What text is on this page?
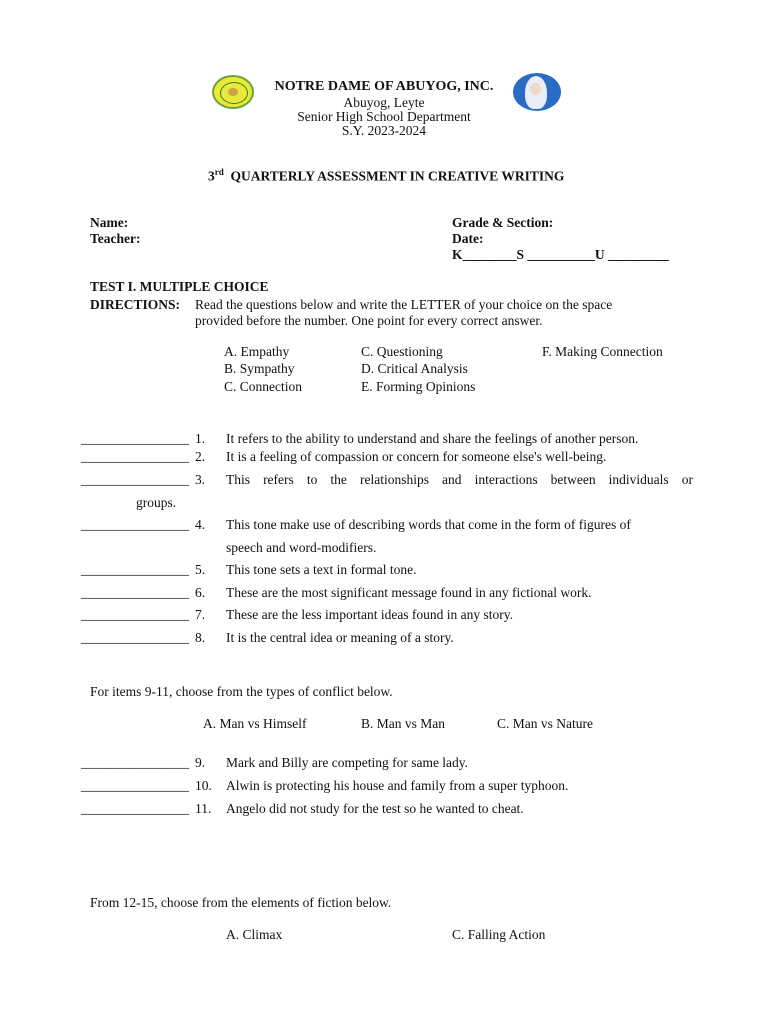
NOTRE DAME OF ABUYOG, INC.
Abuyog, Leyte
Senior High School Department
S.Y. 2023-2024
3rd QUARTERLY ASSESSMENT IN CREATIVE WRITING
Name:
Teacher:
Grade & Section:
Date:
K________S __________U _________
TEST I. MULTIPLE CHOICE
DIRECTIONS: Read the questions below and write the LETTER of your choice on the space
provided before the number. One point for every correct answer.
A. Empathy
B. Sympathy
C. Connection
C. Questioning
D. Critical Analysis
E. Forming Opinions
F. Making Connection
________________ 1. It refers to the ability to understand and share the feelings of another person.
________________ 2. It is a feeling of compassion or concern for someone else's well-being.
________________ 3. This refers to the relationships and interactions between individuals or
groups.
________________ 4. This tone make use of describing words that come in the form of figures of
speech and word-modifiers.
________________ 5. This tone sets a text in formal tone.
________________ 6. These are the most significant message found in any fictional work.
________________ 7. These are the less important ideas found in any story.
________________ 8. It is the central idea or meaning of a story.
For items 9-11, choose from the types of conflict below.
A. Man vs Himself	B. Man vs Man	C. Man vs Nature
________________ 9. Mark and Billy are competing for same lady.
________________ 10. Alwin is protecting his house and family from a super typhoon.
________________ 11. Angelo did not study for the test so he wanted to cheat.
From 12-15, choose from the elements of fiction below.
A. Climax	C. Falling Action
